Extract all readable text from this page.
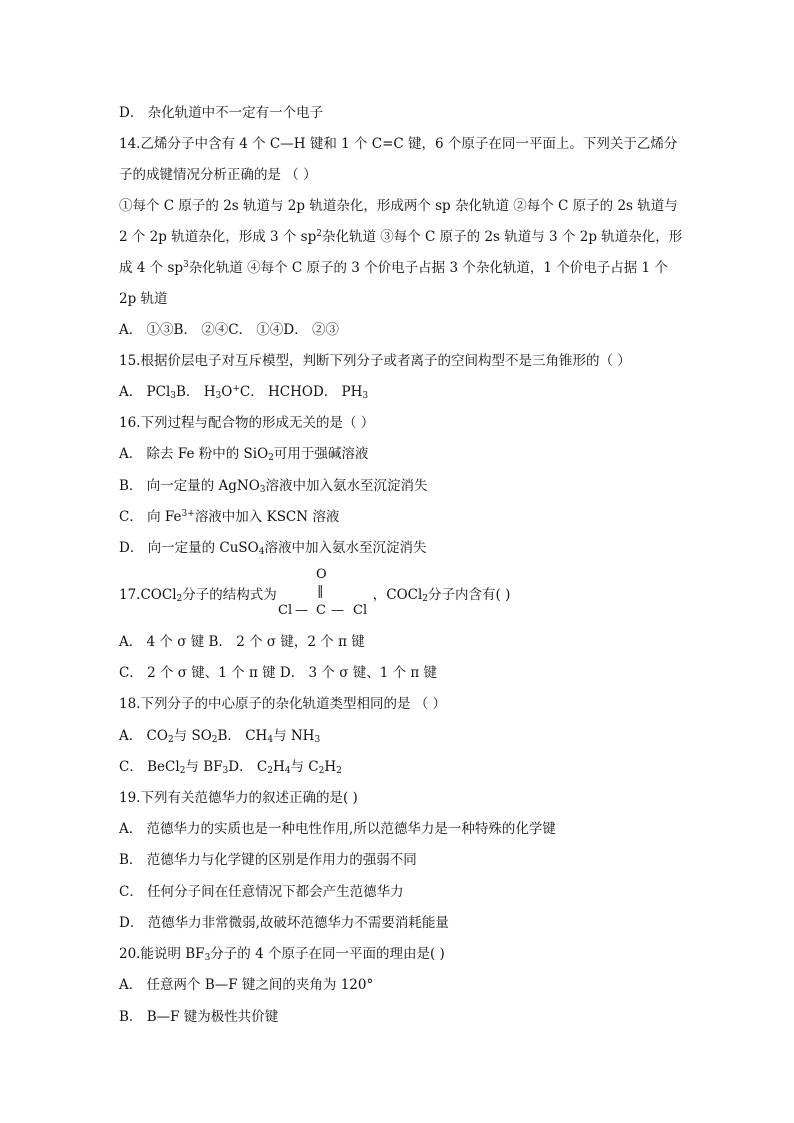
D． 杂化轨道中不一定有一个电子
14.乙烯分子中含有 4 个 C—H 键和 1 个 C=C 键，6 个原子在同一平面上。下列关于乙烯分
子的成键情况分析正确的是 （ ）
①每个 C 原子的 2s 轨道与 2p 轨道杂化，形成两个 sp 杂化轨道 ②每个 C 原子的 2s 轨道与
2 个 2p 轨道杂化，形成 3 个 $sp^2$杂化轨道 ③每个 C 原子的 2s 轨道与 3 个 2p 轨道杂化，形
成 4 个 $sp^3$杂化轨道 ④每个 C 原子的 3 个价电子占据 3 个杂化轨道，1 个价电子占据 1 个
2p 轨道
A． ①③B． ②④C． ①④D． ②③
15.根据价层电子对互斥模型，判断下列分子或者离子的空间构型不是三角锥形的（ ）
A． PCl$_3$B． $H_3O^+C$． HCHOD． $PH_3$
16.下列过程与配合物的形成无关的是（ ）
A． 除去 Fe 粉中的 SiO$_2$可用于强碱溶液
B． 向一定量的 AgNO$_3$溶液中加入氨水至沉淀消失
C． 向 $Fe^{3+}$溶液中加入 KSCN 溶液
D． 向一定量的 CuSO$_4$溶液中加入氨水至沉淀消失
17.COCl$_2$分子的结构式为	，COCl$_2$分子内含有( )
O
‖
Cl — C — Cl
A． 4 个 σ 键 B． 2 个 σ 键，2 个 π 键
C． 2 个 σ 键、1 个 π 键 D． 3 个 σ 键、1 个 π 键
18.下列分子的中心原子的杂化轨道类型相同的是 （ ）
A． $CO_2$与 $SO_2B$． $CH_4$与 $NH_3$
C． BeCl$_2$与 $BF_3D$． $C_2H_4$与 $C_2H_2$
19.下列有关范德华力的叙述正确的是( )
A． 范德华力的实质也是一种电性作用,所以范德华力是一种特殊的化学键
B． 范德华力与化学键的区别是作用力的强弱不同
C． 任何分子间在任意情况下都会产生范德华力
D． 范德华力非常微弱,故破坏范德华力不需要消耗能量
20.能说明 $BF_3$分子的 4 个原子在同一平面的理由是( )
A． 任意两个 B—F 键之间的夹角为 120°
B． B—F 键为极性共价键
